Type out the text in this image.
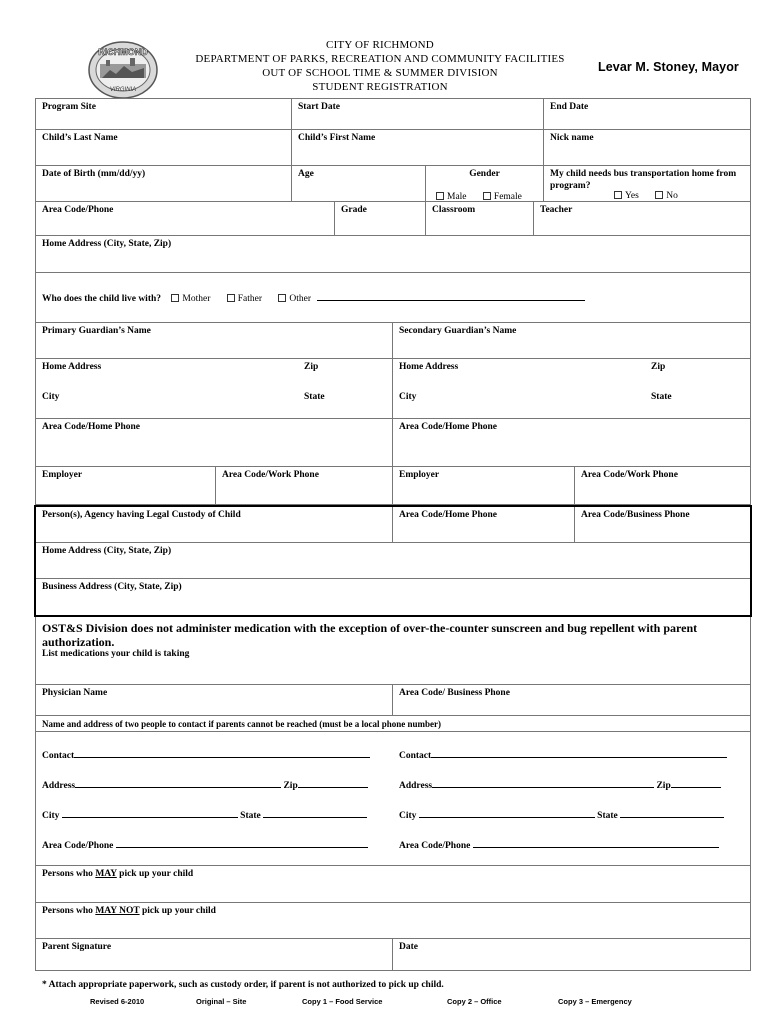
RICHMOND
VIRGINIA
CITY OF RICHMOND
DEPARTMENT OF PARKS, RECREATION AND COMMUNITY FACILITIES
OUT OF SCHOOL TIME & SUMMER DIVISION
STUDENT REGISTRATION
Levar M. Stoney, Mayor
Program Site	Start Date	End Date
Child’s Last Name	Child’s First Name	Nick name
Date of Birth (mm/dd/yy)	Age	Gender
Male	Female
My child needs bus transportation home from program?
Yes	No
Area Code/Phone	Grade	Classroom	Teacher
Home Address (City, State, Zip)
Who does the child live with? Mother	Father	Other
Primary Guardian’s Name	Secondary Guardian’s Name
Home Address	Zip
City	State
Home Address	Zip
City	State
Area Code/Home Phone	Area Code/Home Phone
Employer	Area Code/Work Phone	Employer	Area Code/Work Phone
Person(s), Agency having Legal Custody of Child	Area Code/Home Phone	Area Code/Business Phone
Home Address (City, State, Zip)
Business Address (City, State, Zip)
OST&S Division does not administer medication with the exception of over-the-counter sunscreen and bug repellent with parent authorization.
List medications your child is taking
Physician Name	Area Code/ Business Phone
Name and address of two people to contact if parents cannot be reached (must be a local phone number)
Contact
Address	Zip
City	State
Area Code/Phone
Contact
Address	Zip
City	State
Area Code/Phone
Persons who MAY pick up your child
Persons who MAY NOT pick up your child
Parent Signature	Date
* Attach appropriate paperwork, such as custody order, if parent is not authorized to pick up child.
Revised 6-2010	Original – Site	Copy 1 – Food Service	Copy 2 – Office	Copy 3 – Emergency
